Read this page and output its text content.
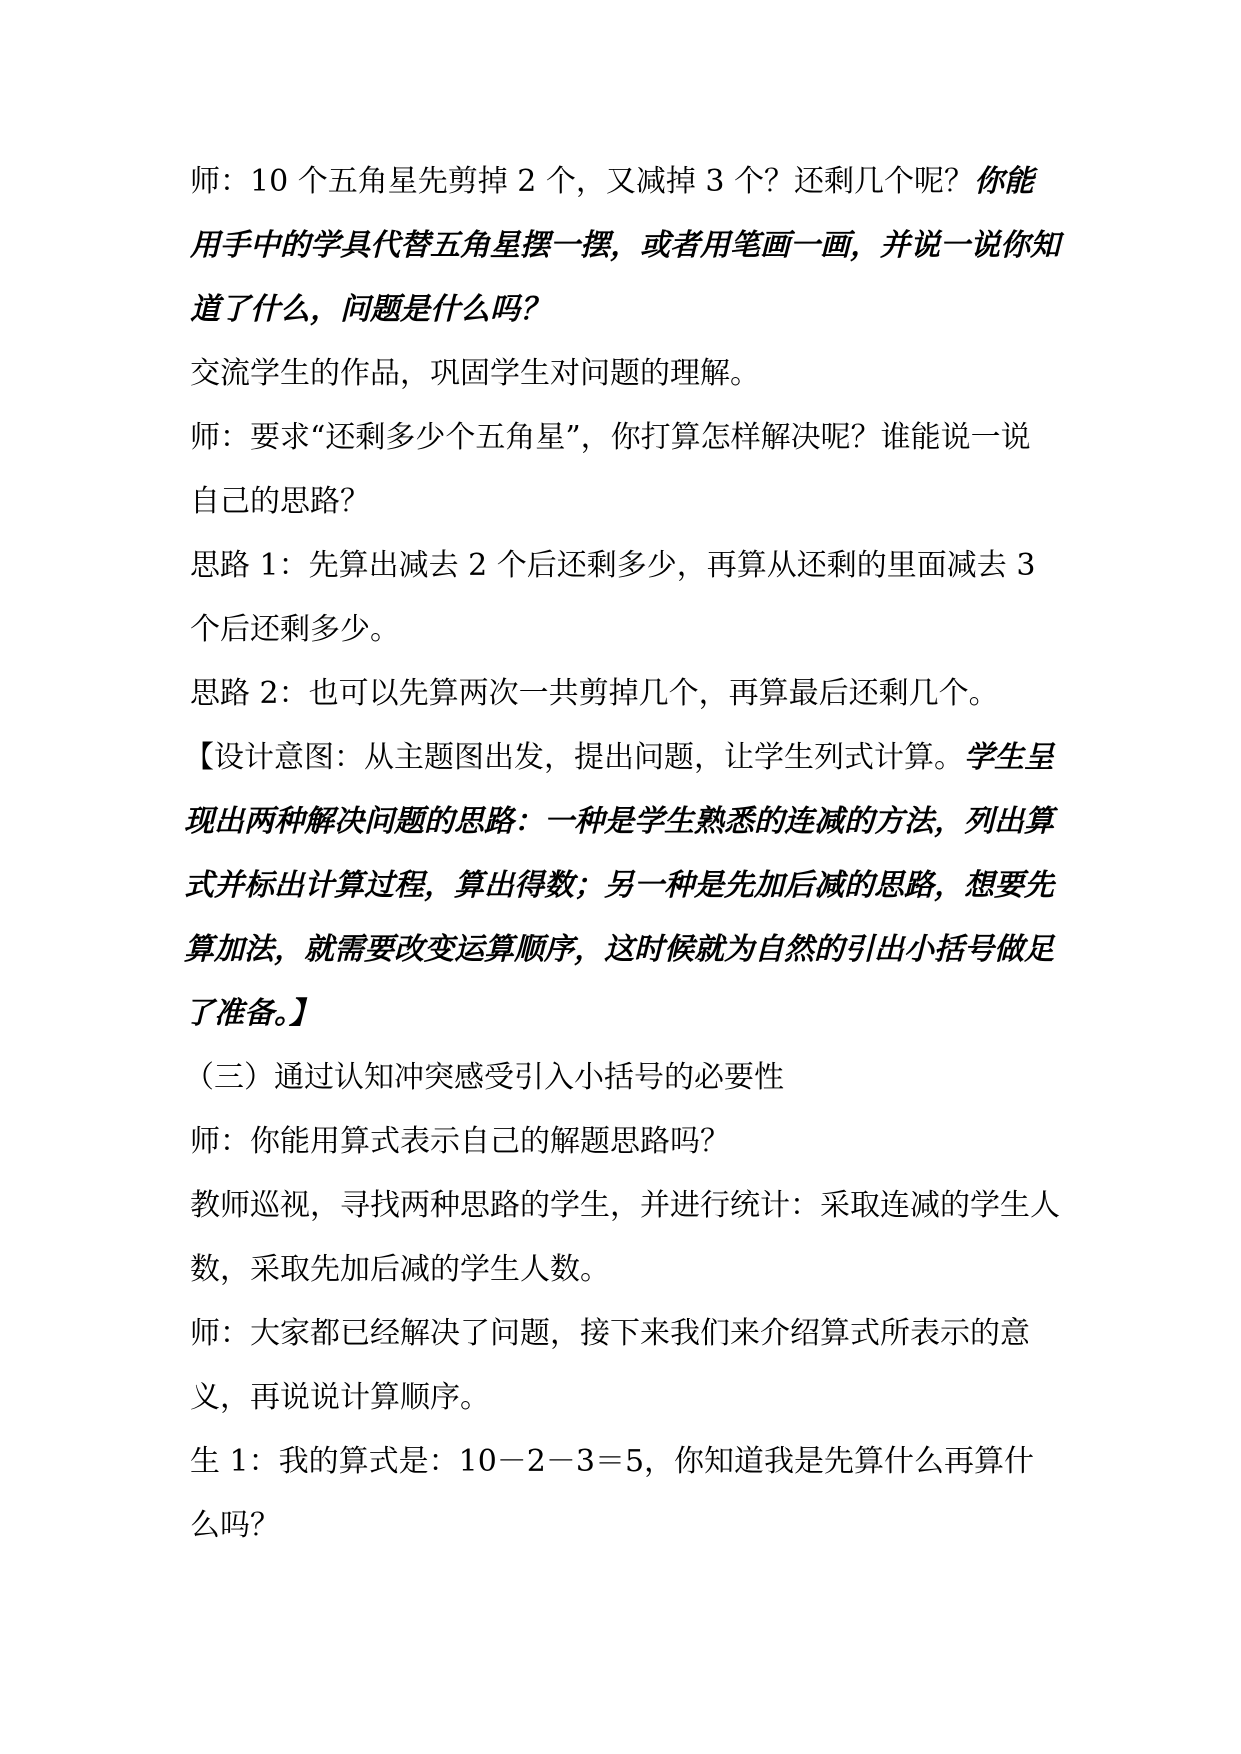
师：10 个五角星先剪掉 2 个，又减掉 3 个？还剩几个呢？你能用手中的学具代替五角星摆一摆，或者用笔画一画，并说一说你知道了什么，问题是什么吗？

交流学生的作品，巩固学生对问题的理解。

师：要求“还剩多少个五角星”，你打算怎样解决呢？谁能说一说自己的思路？

思路 1：先算出减去 2 个后还剩多少，再算从还剩的里面减去 3 个后还剩多少。

思路 2：也可以先算两次一共剪掉几个，再算最后还剩几个。

【设计意图：从主题图出发，提出问题，让学生列式计算。学生呈现出两种解决问题的思路：一种是学生熟悉的连减的方法，列出算式并标出计算过程，算出得数；另一种是先加后减的思路，想要先算加法，就需要改变运算顺序，这时候就为自然的引出小括号做足了准备。】

（三）通过认知冲突感受引入小括号的必要性

师：你能用算式表示自己的解题思路吗？

教师巡视，寻找两种思路的学生，并进行统计：采取连减的学生人数，采取先加后减的学生人数。

师：大家都已经解决了问题，接下来我们来介绍算式所表示的意义，再说说计算顺序。

生 1：我的算式是：10－2－3＝5，你知道我是先算什么再算什么吗？
